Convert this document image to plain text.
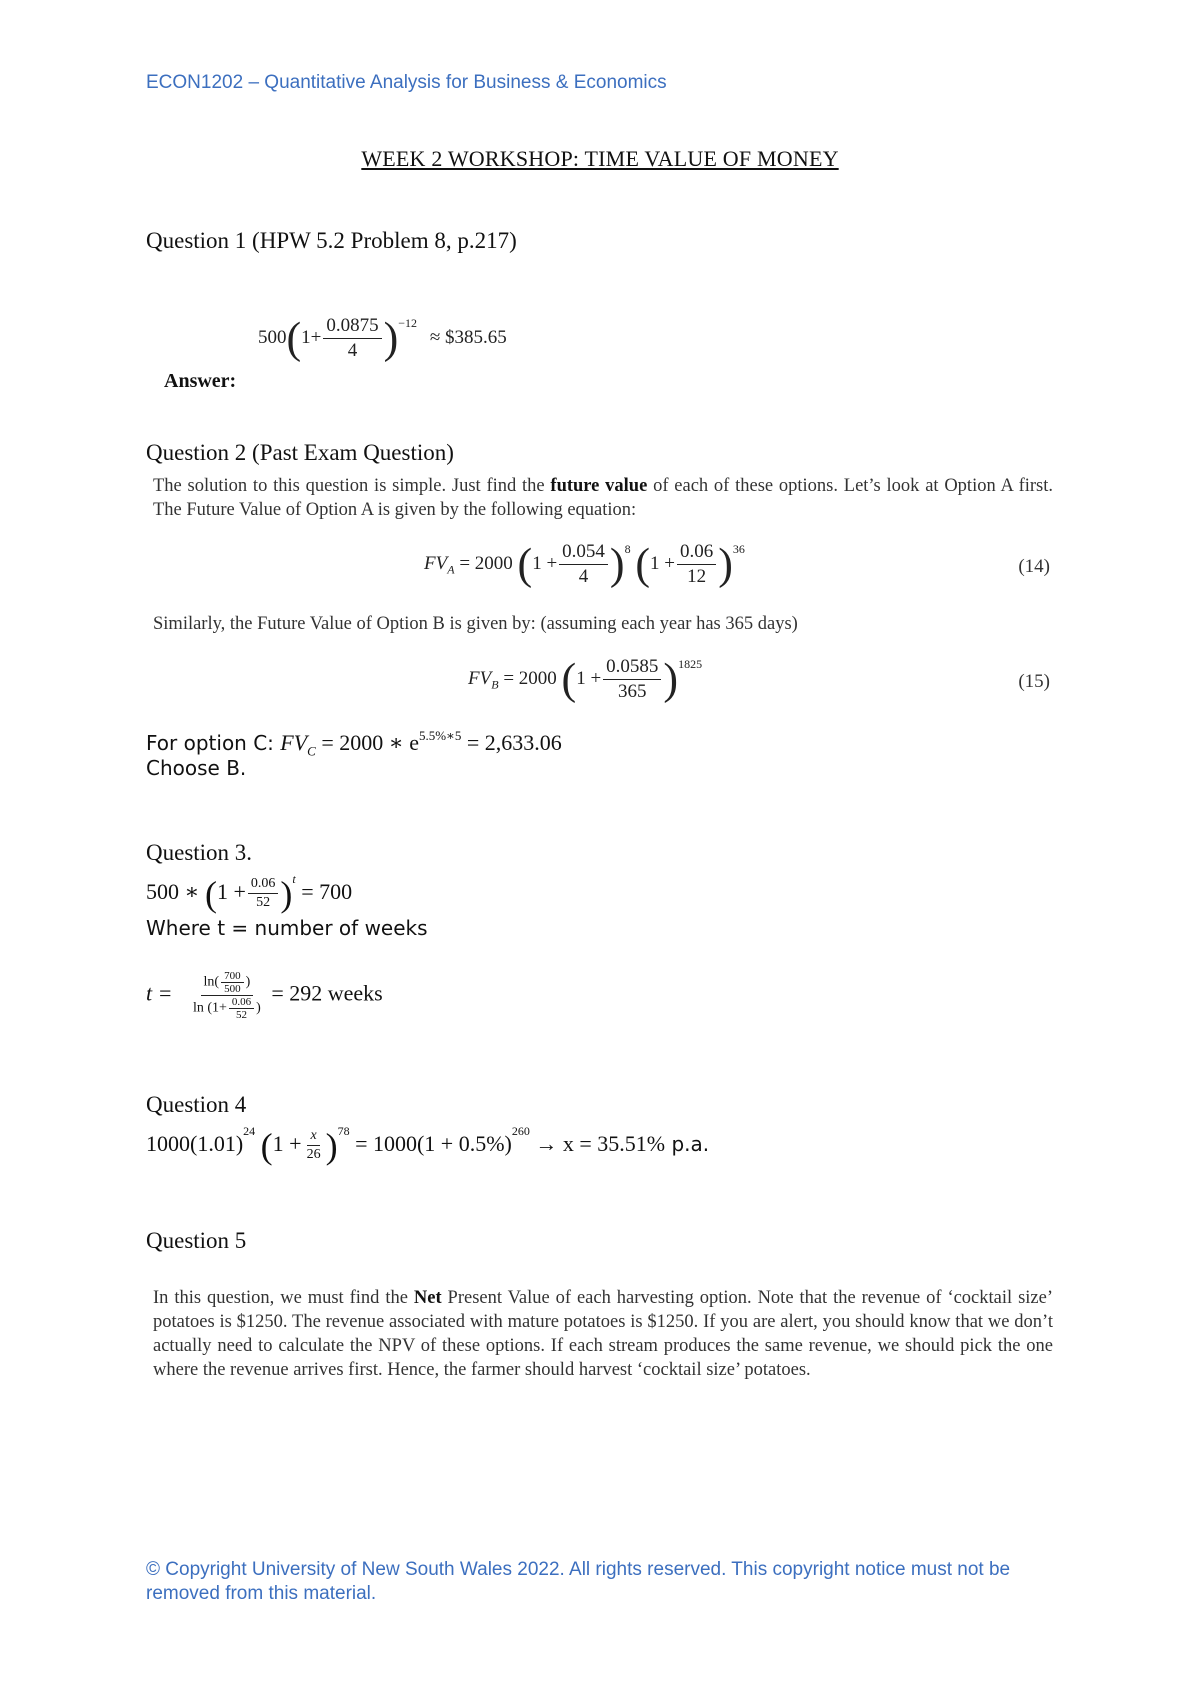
ECON1202 – Quantitative Analysis for Business & Economics
WEEK 2 WORKSHOP: TIME VALUE OF MONEY
Question 1 (HPW 5.2 Problem 8, p.217)
$500(1+ \frac{0.0875}{4} )^{-12}$ ≈ $385.65
Answer:
Question 2 (Past Exam Question)
The solution to this question is simple. Just find the future value of each of these options. Let’s look at Option A first. The Future Value of Option A is given by the following equation:
$FV_A = 2000$ $(1 + \frac{0.054}{4} )^8$ $(1 + \frac{0.06}{12} )^{36}$
(14)
Similarly, the Future Value of Option B is given by: (assuming each year has 365 days)
$FV_B = 2000$ $(1 + \frac{0.0585}{365} )^{1825}$
(15)
For option C: $FV_C = 2000$ ∗ $e^{5.5\%∗5} = 2,633.06$
Choose B.
Question 3.
500 ∗ $(1 + \frac{0.06}{52} )^t = 700$
Where t = number of weeks
$t = \frac{\ln( \frac{700}{500} )}{\ln (1+ \frac{0.06}{52} )} = 292$ weeks
Question 4
$1000(1.01)^{24}$ $(1 + \frac{x}{26} )^{78} = 1000(1 + 0.5\%)^{260} \to x = 35.51\%$ p.a.
Question 5
In this question, we must find the Net Present Value of each harvesting option. Note that the revenue of ‘cocktail size’ potatoes is $1250. The revenue associated with mature potatoes is $1250. If you are alert, you should know that we don’t actually need to calculate the NPV of these options. If each stream produces the same revenue, we should pick the one where the revenue arrives first. Hence, the farmer should harvest ‘cocktail size’ potatoes.
© Copyright University of New South Wales 2022. All rights reserved. This copyright notice must not be removed from this material.
